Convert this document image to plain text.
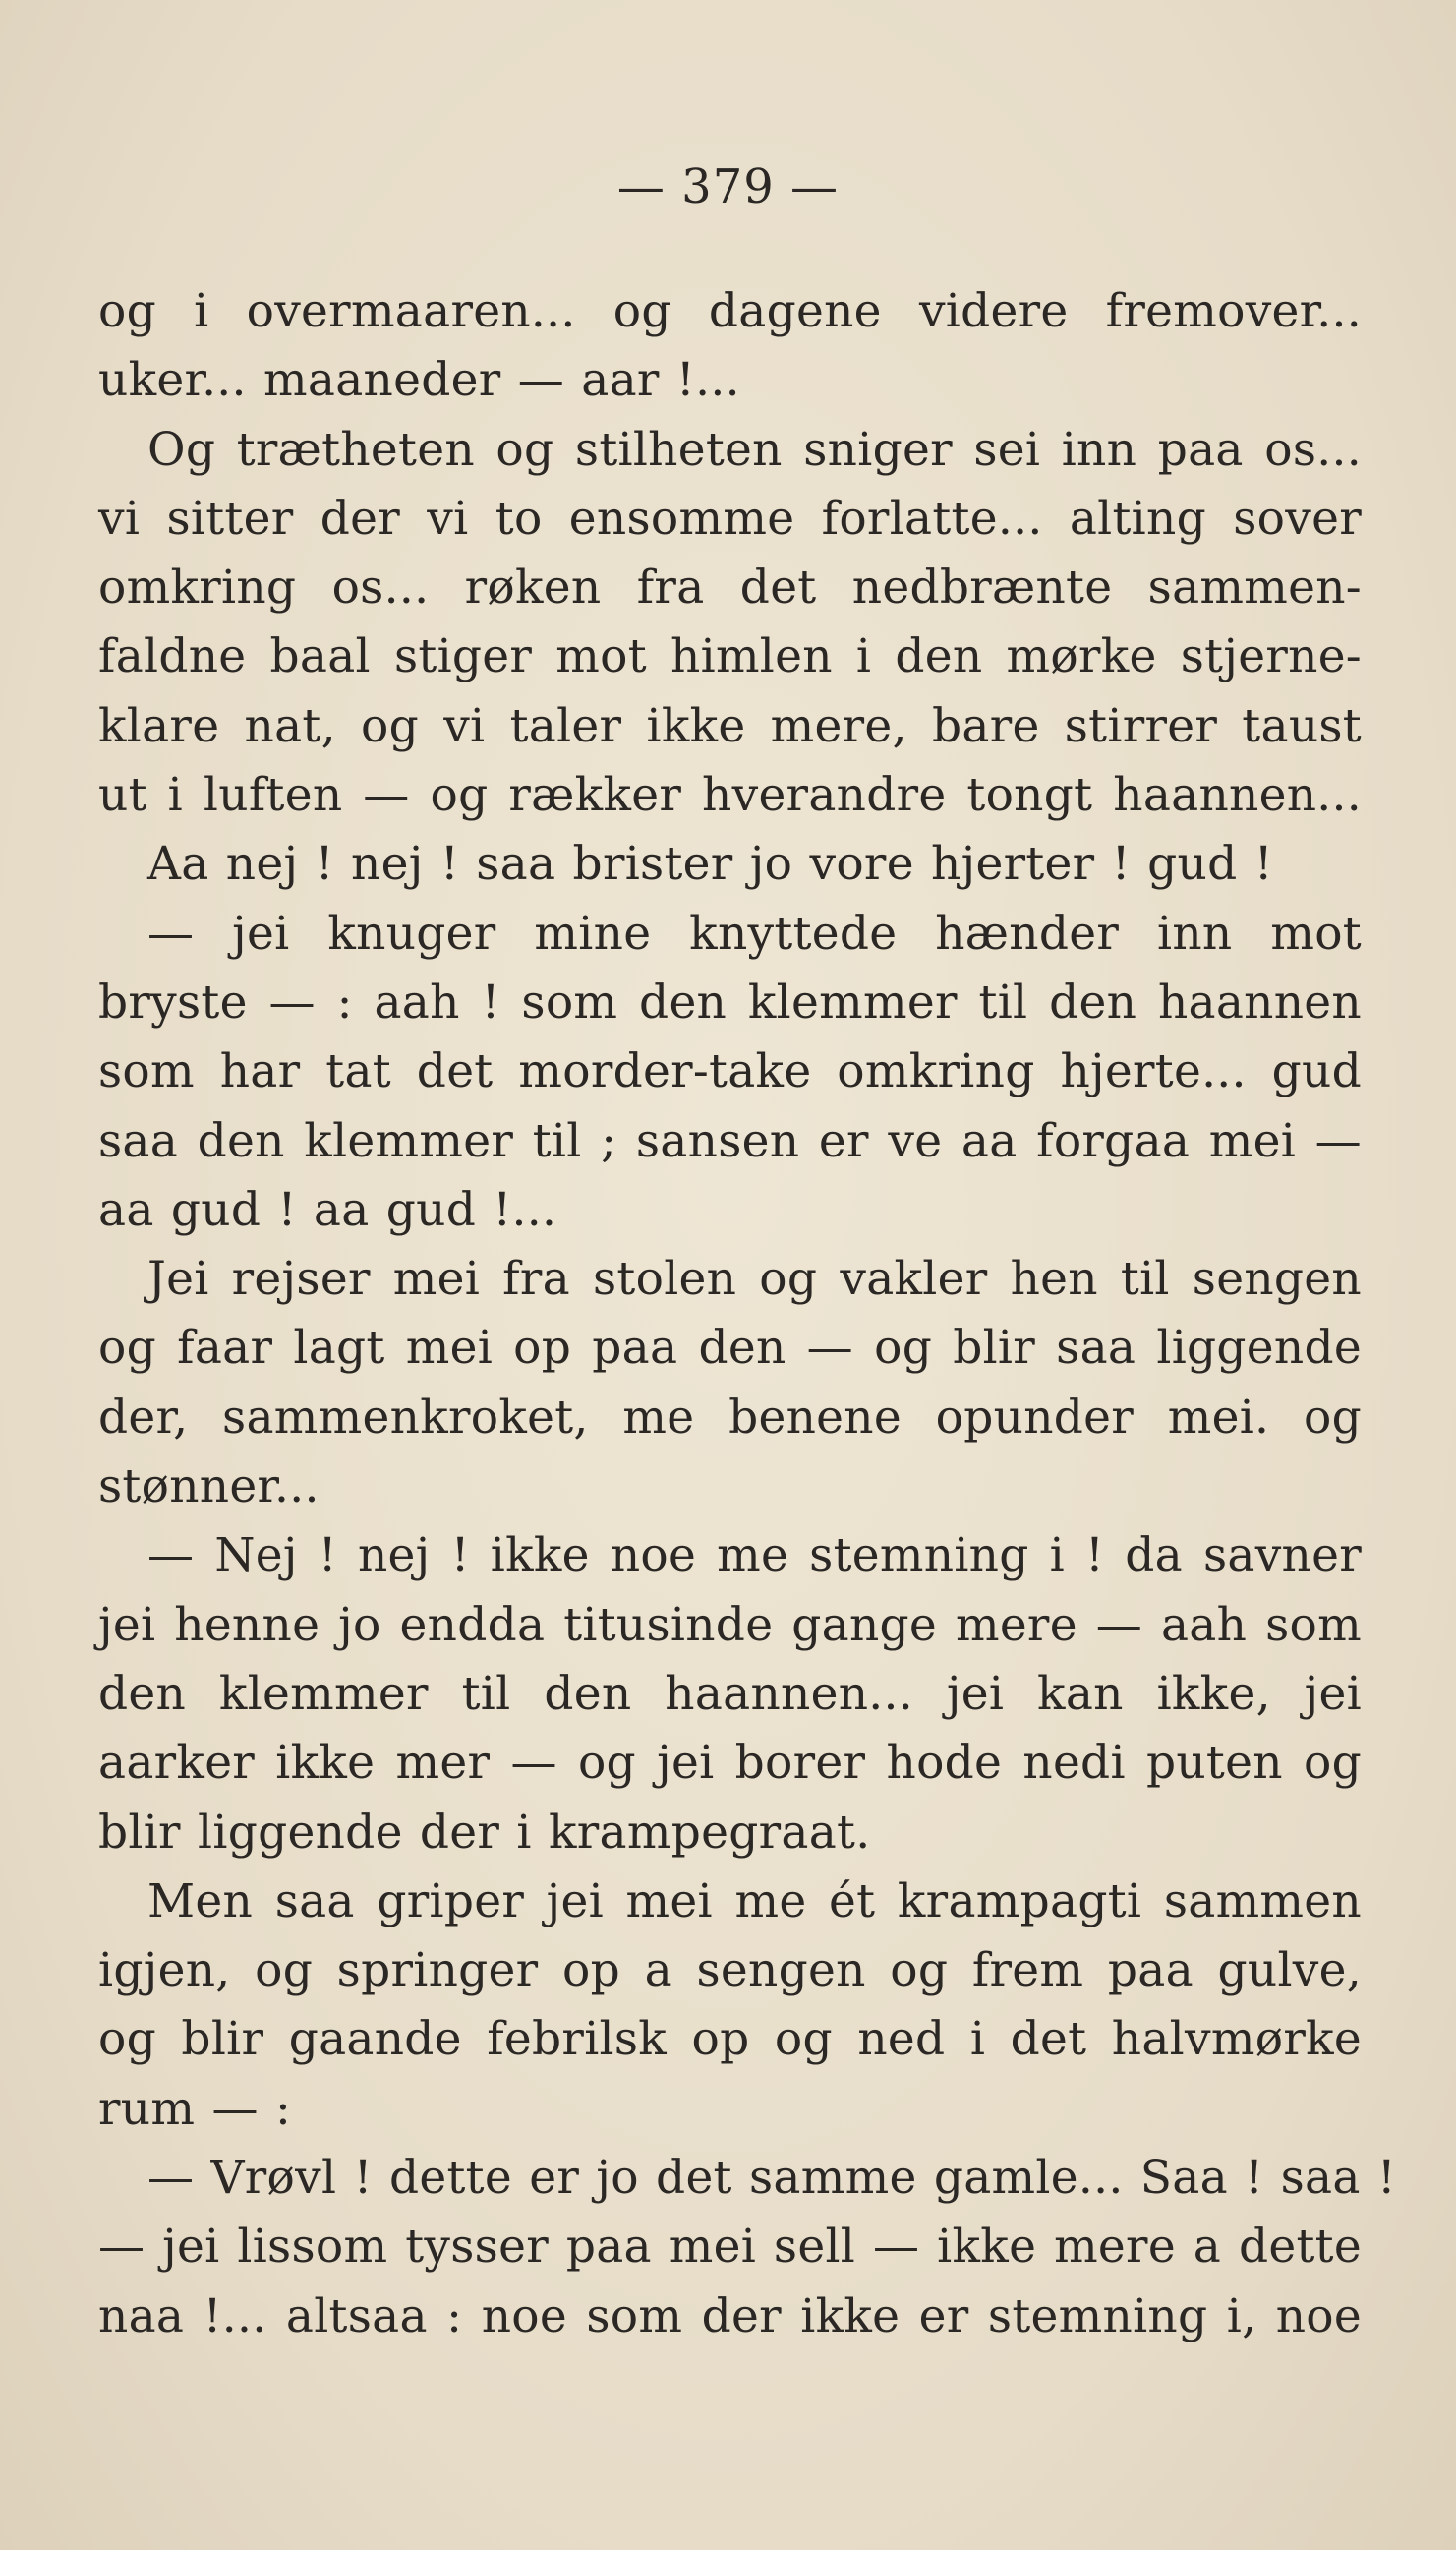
— 379 —
og i overmaaren... og dagene videre fremover...
uker... maaneder — aar !...
Og trætheten og stilheten sniger sei inn paa os...
vi sitter der vi to ensomme forlatte... alting sover
omkring os... røken fra det nedbrænte sammen-
faldne baal stiger mot himlen i den mørke stjerne-
klare nat, og vi taler ikke mere, bare stirrer taust
ut i luften — og rækker hverandre tongt haannen...
Aa nej ! nej ! saa brister jo vore hjerter ! gud !
— jei knuger mine knyttede hænder inn mot
bryste — : aah ! som den klemmer til den haannen
som har tat det morder-take omkring hjerte... gud
saa den klemmer til ; sansen er ve aa forgaa mei —
aa gud ! aa gud !...
Jei rejser mei fra stolen og vakler hen til sengen
og faar lagt mei op paa den — og blir saa liggende
der, sammenkroket, me benene opunder mei. og
stønner...
— Nej ! nej ! ikke noe me stemning i ! da savner
jei henne jo endda titusinde gange mere — aah som
den klemmer til den haannen... jei kan ikke, jei
aarker ikke mer — og jei borer hode nedi puten og
blir liggende der i krampegraat.
Men saa griper jei mei me ét krampagti sammen
igjen, og springer op a sengen og frem paa gulve,
og blir gaande febrilsk op og ned i det halvmørke
rum — :
— Vrøvl ! dette er jo det samme gamle... Saa ! saa !
— jei lissom tysser paa mei sell — ikke mere a dette
naa !... altsaa : noe som der ikke er stemning i, noe
